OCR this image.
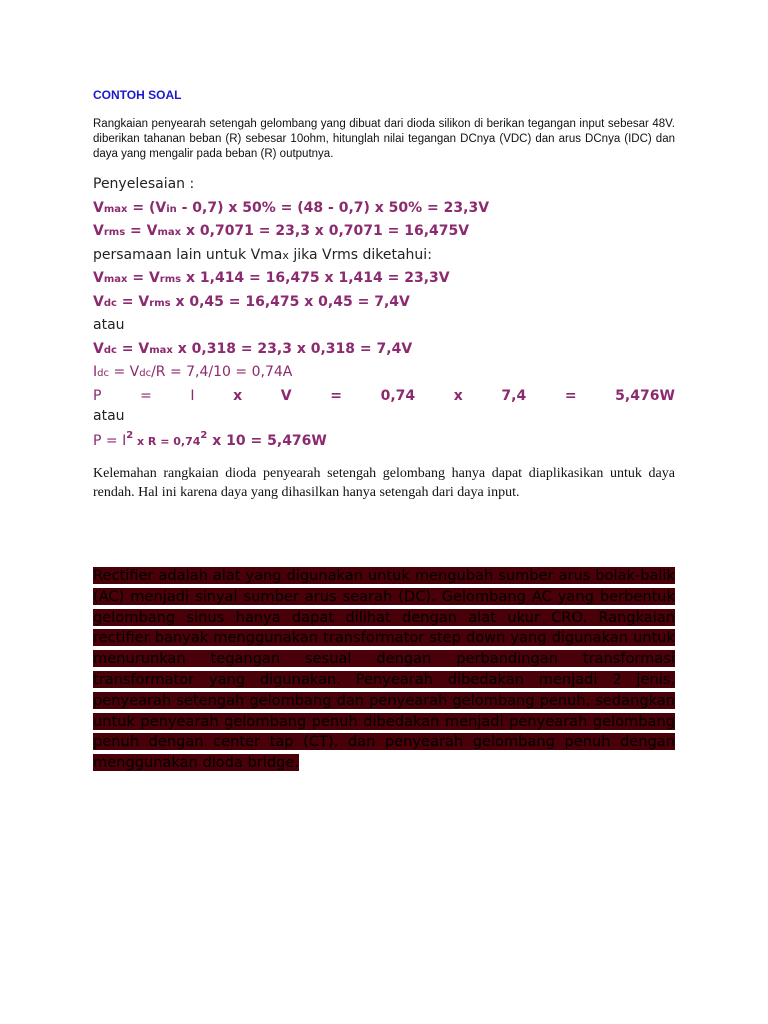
CONTOH SOAL

Rangkaian penyearah setengah gelombang yang dibuat dari dioda silikon di berikan tegangan input sebesar 48V. diberikan tahanan beban (R) sebesar 10ohm, hitunglah nilai tegangan DCnya (VDC) dan arus DCnya (IDC) dan daya yang mengalir pada beban (R) outputnya.

Penyelesaian :
Vmax = (Vin - 0,7) x 50% = (48 - 0,7) x 50% = 23,3V
Vrms = Vmax x 0,7071 = 23,3 x 0,7071 = 16,475V
persamaan lain untuk Vmax jika Vrms diketahui:
Vmax = Vrms x 1,414 = 16,475 x 1,414 = 23,3V
Vdc = Vrms x 0,45 = 16,475 x 0,45 = 7,4V
atau
Vdc = Vmax x 0,318 = 23,3 x 0,318 = 7,4V
Idc = Vdc/R = 7,4/10 = 0,74A
P	=	I	x	V	=	0,74	x	7,4	=	5,476W
atau
$P = I^2$ x $R = 0,74^2$ x 10 = 5,476W
Kelemahan rangkaian dioda penyearah setengah gelombang hanya dapat diaplikasikan untuk daya rendah. Hal ini karena daya yang dihasilkan hanya setengah dari daya input.
Rectifier adalah alat yang digunakan untuk mengubah sumber arus bolak-balik (AC) menjadi sinyal sumber arus searah (DC). Gelombang AC yang berbentuk gelombang sinus hanya dapat dilihat dengan alat ukur CRO. Rangkaian rectifier banyak menggunakan transformator step down yang digunakan untuk menurunkan tegangan sesual dengan perbandingan transformasi transformator yang digunakan. Penyearah dibedakan menjadi 2 jenis, penyearah setengah gelombang dan penyearah gelombang penuh, sedangkan untuk penyearah gelombang penuh dibedakan menjadi penyearah gelombang penuh dengan center tap (CT), dan penyearah gelombang penuh dengan menggunakan dioda bridge.
